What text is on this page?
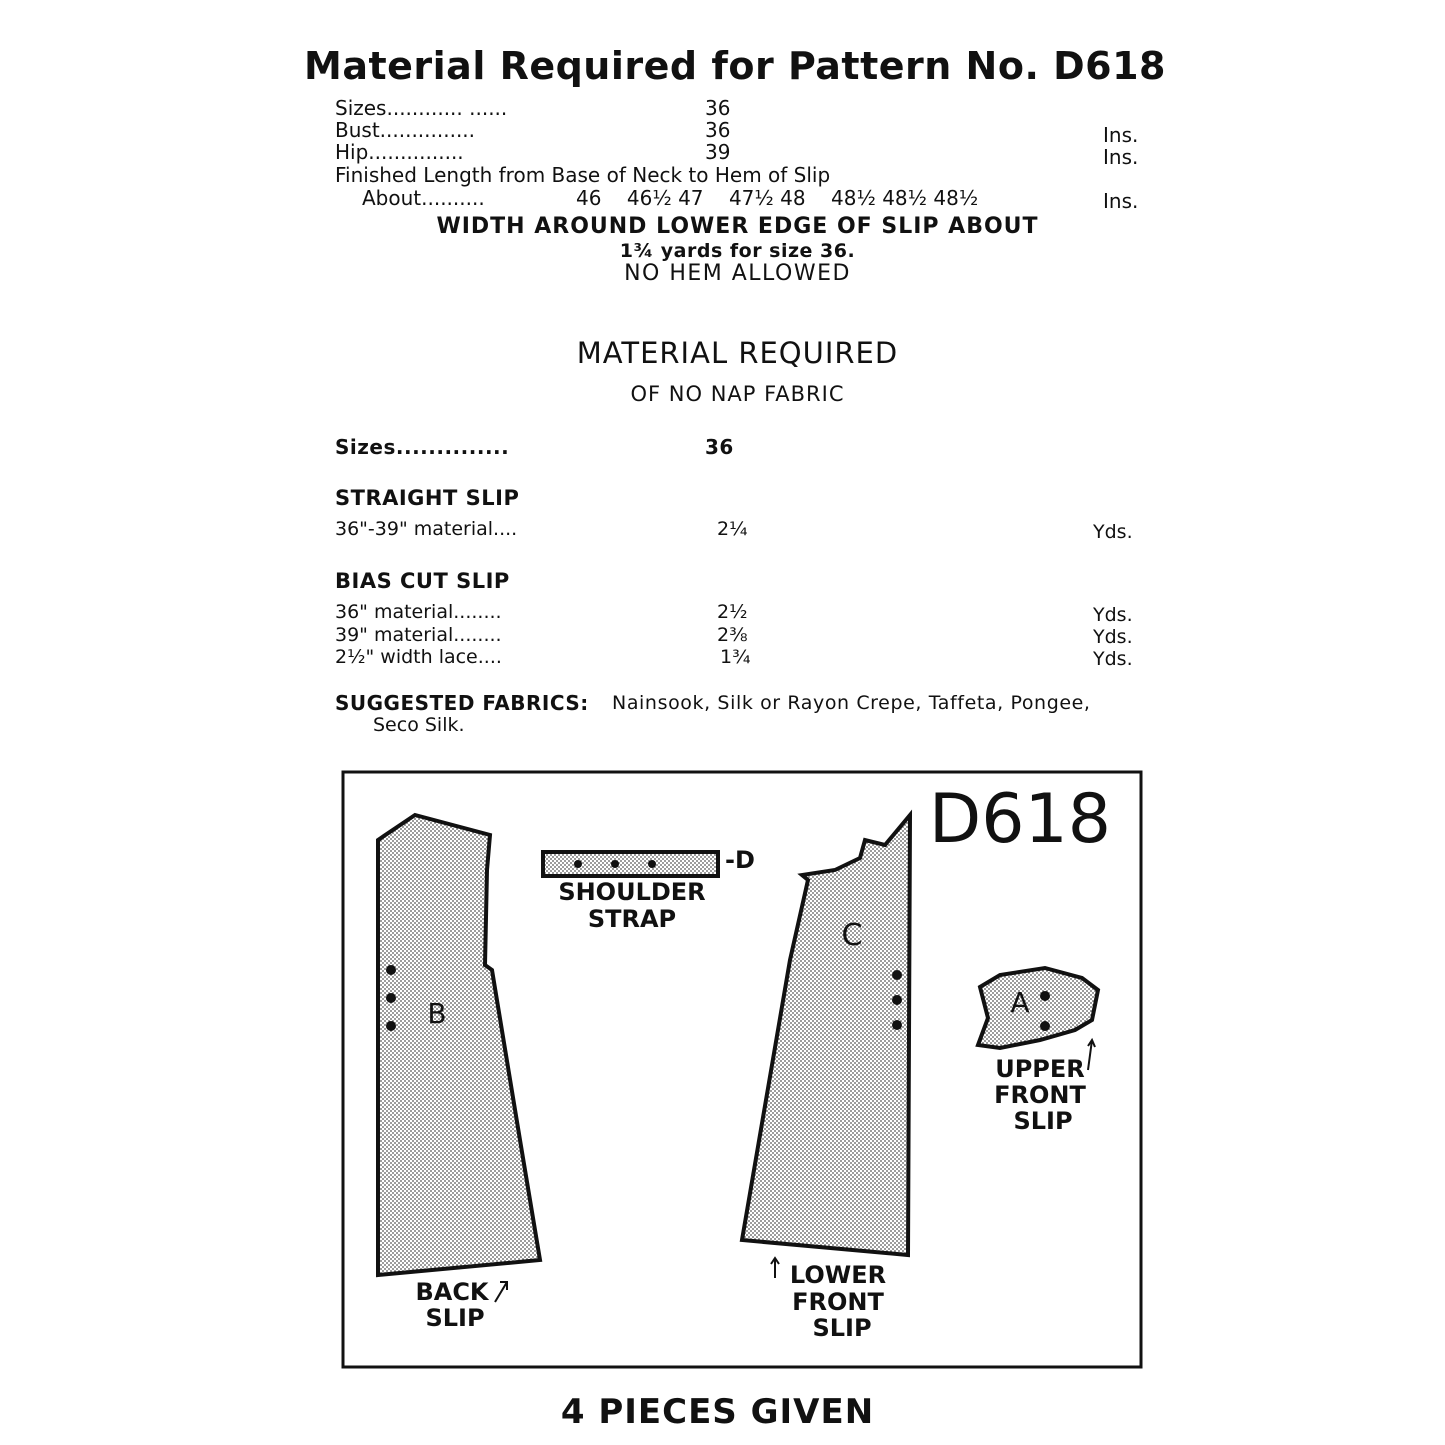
Material Required for Pattern No. D618
Sizes............ ......	36
Bust...............	36	Ins.
Hip...............	39	Ins.
Finished Length from Base of Neck to Hem of Slip
About..........	46    46½ 47    47½ 48    48½ 48½ 48½	Ins.
WIDTH AROUND LOWER EDGE OF SLIP ABOUT
1¾ yards for size 36.
NO HEM ALLOWED
MATERIAL REQUIRED
OF NO NAP FABRIC
Sizes..............	36
STRAIGHT SLIP
36"-39" material....	2¼	Yds.
BIAS CUT SLIP
36" material........	2½	Yds.
39" material........	2⅜	Yds.
2½" width lace....	1¾	Yds.
SUGGESTED FABRICS: Nainsook, Silk or Rayon Crepe, Taffeta, Pongee,
Seco Silk.
D618
B
BACK
SLIP
-D
SHOULDER
STRAP	C
LOWER
FRONT
SLIP
A
UPPER
FRONT
SLIP
4 PIECES GIVEN
